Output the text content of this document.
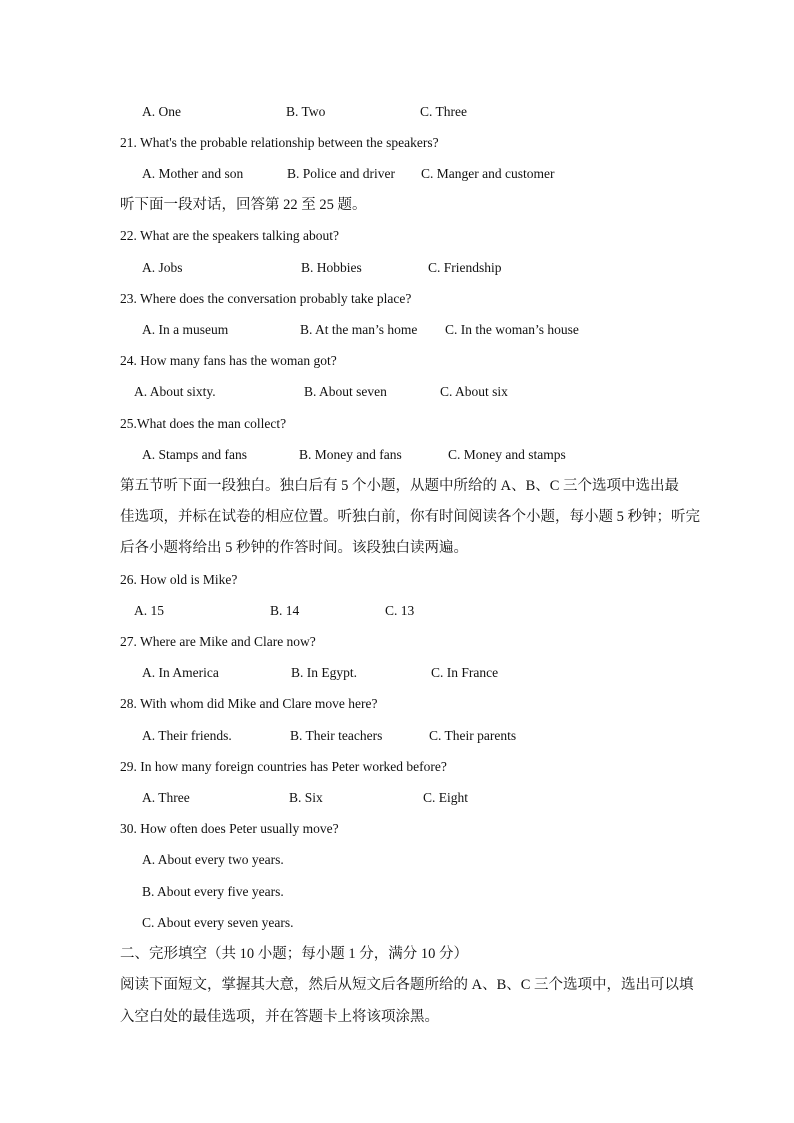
A. One	B. Two	C. Three
21. What's the probable relationship between the speakers?
A. Mother and son	B. Police and driver C. Manger and customer
听下面一段对话，回答第 22 至 25 题。
22. What are the speakers talking about?
A. Jobs	B. Hobbies	C. Friendship
23. Where does the conversation probably take place?
A. In a museum	B. At the man’s home C. In the woman’s house
24. How many fans has the woman got?
A. About sixty.	B. About seven	C. About six
25.What does the man collect?
A. Stamps and fans	B. Money and fans	C. Money and stamps
第五节听下面一段独白。独白后有 5 个小题，从题中所给的 A、B、C 三个选项中选出最
佳选项，并标在试卷的相应位置。听独白前，你有时间阅读各个小题，每小题 5 秒钟；听完
后各小题将给出 5 秒钟的作答时间。该段独白读两遍。
26. How old is Mike?
A. 15	B. 14	C. 13
27. Where are Mike and Clare now?
A. In America	B. In Egypt.	C. In France
28. With whom did Mike and Clare move here?
A. Their friends.	B. Their teachers	C. Their parents
29. In how many foreign countries has Peter worked before?
A. Three	B. Six	C. Eight
30. How often does Peter usually move?
A. About every two years.
B. About every five years.
C. About every seven years.
二、完形填空（共 10 小题；每小题 1 分，满分 10 分）
阅读下面短文，掌握其大意，然后从短文后各题所给的 A、B、C 三个选项中，选出可以填
入空白处的最佳选项，并在答题卡上将该项涂黑。
